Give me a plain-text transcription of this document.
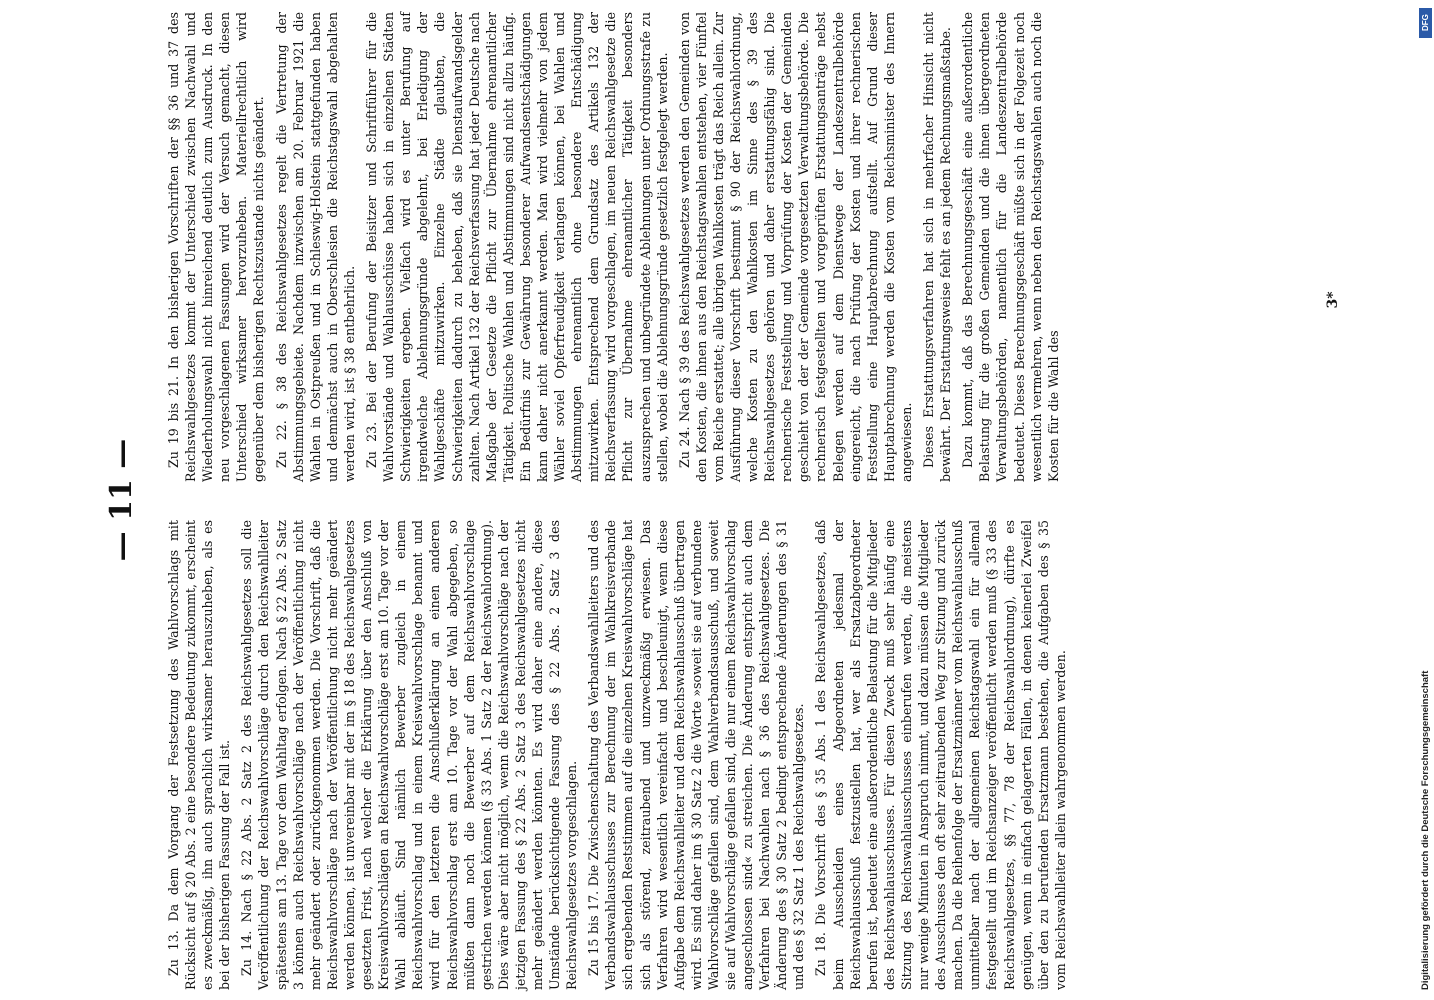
— 11 —

Zu 13. Da dem Vorgang der Festsetzung des Wahlvorschlags mit Rücksicht auf § 20 Abs. 2 eine besondere Bedeutung zukommt, erscheint es zweckmäßig, ihn auch sprachlich wirksamer herauszuheben, als es bei der bisherigen Fassung der Fall ist. Zu 14. Nach § 22 Abs. 2 Satz 2 des Reichswahlgesetzes soll die Veröffentlichung der Reichswahlvorschläge durch den Reichswahlleiter spätestens am 13. Tage vor dem Wahltag erfolgen. Nach § 22 Abs. 2 Satz 3 können auch Reichswahlvorschläge nach der Veröffentlichung nicht mehr geändert oder zurückgenommen werden. Die Vorschrift, daß die Reichswahlvorschläge nach der Veröffentlichung nicht mehr geändert werden können, ist unvereinbar mit der im § 18 des Reichswahlgesetzes gesetzten Frist, nach welcher die Erklärung über den Anschluß von Kreiswahlvorschlägen an Reichswahlvorschläge erst am 10. Tage vor der Wahl abläuft. Sind nämlich Bewerber zugleich in einem Reichswahlvorschlag und in einem Kreiswahlvorschlage benannt und wird für den letzteren die Anschlußerklärung an einen anderen Reichswahlvorschlag erst am 10. Tage vor der Wahl abgegeben, so müßten dann noch die Bewerber auf dem Reichswahlvorschlage gestrichen werden können (§ 33 Abs. 1 Satz 2 der Reichswahlordnung). Dies wäre aber nicht möglich, wenn die Reichswahlvorschläge nach der jetzigen Fassung des § 22 Abs. 2 Satz 3 des Reichswahlgesetzes nicht mehr geändert werden könnten. Es wird daher eine andere, diese Umstände berücksichtigende Fassung des § 22 Abs. 2 Satz 3 des Reichswahlgesetzes vorgeschlagen. Zu 15 bis 17. Die Zwischenschaltung des Verbandswahlleiters und des Verbandswahlausschusses zur Berechnung der im Wahlkreisverbande sich ergebenden Reststimmen auf die einzelnen Kreiswahlvorschläge hat sich als störend, zeitraubend und unzweckmäßig erwiesen. Das Verfahren wird wesentlich vereinfacht und beschleunigt, wenn diese Aufgabe dem Reichswahlleiter und dem Reichswahlausschuß übertragen wird. Es sind daher im § 30 Satz 2 die Worte »soweit sie auf verbundene Wahlvorschläge gefallen sind, dem Wahlverbandsausschuß, und soweit sie auf Wahlvorschläge gefallen sind, die nur einem Reichswahlvorschlag angeschlossen sind« zu streichen. Die Änderung entspricht auch dem Verfahren bei Nachwahlen nach § 36 des Reichswahlgesetzes. Die Änderung des § 30 Satz 2 bedingt entsprechende Änderungen des § 31 und des § 32 Satz 1 des Reichswahlgesetzes. Zu 18. Die Vorschrift des § 35 Abs. 1 des Reichswahlgesetzes, daß beim Ausscheiden eines Abgeordneten jedesmal der Reichswahlausschuß festzustellen hat, wer als Ersatzabgeordneter berufen ist, bedeutet eine außerordentliche Belastung für die Mitglieder des Reichswahlausschusses. Für diesen Zweck muß sehr häufig eine Sitzung des Reichswahlausschusses einberufen werden, die meistens nur wenige Minuten in Anspruch nimmt, und dazu müssen die Mitglieder des Ausschusses den oft sehr zeitraubenden Weg zur Sitzung und zurück machen. Da die Reihenfolge der Ersatzmänner vom Reichswahlausschuß unmittelbar nach der allgemeinen Reichstagswahl ein für allemal festgestellt und im Reichsanzeiger veröffentlicht werden muß (§ 33 des Reichswahlgesetzes, §§ 77, 78 der Reichswahlordnung), dürfte es genügen, wenn in einfach gelagerten Fällen, in denen keinerlei Zweifel über den zu berufenden Ersatzmann bestehen, die Aufgaben des § 35 vom Reichswahlleiter allein wahrgenommen werden.

Zu 19 bis 21. In den bisherigen Vorschriften der §§ 36 und 37 des Reichswahlgesetzes kommt der Unterschied zwischen Nachwahl und Wiederholungswahl nicht hinreichend deutlich zum Ausdruck. In den neu vorgeschlagenen Fassungen wird der Versuch gemacht, diesen Unterschied wirksamer hervorzuheben. Materiellrechtlich wird gegenüber dem bisherigen Rechtszustande nichts geändert. Zu 22. § 38 des Reichswahlgesetzes regelt die Vertretung der Abstimmungsgebiete. Nachdem inzwischen am 20. Februar 1921 die Wahlen in Ostpreußen und in Schleswig-Holstein stattgefunden haben und demnächst auch in Oberschlesien die Reichstagswahl abgehalten werden wird, ist § 38 entbehrlich. Zu 23. Bei der Berufung der Beisitzer und Schriftführer für die Wahlvorstände und Wahlausschüsse haben sich in einzelnen Städten Schwierigkeiten ergeben. Vielfach wird es unter Berufung auf irgendwelche Ablehnungsgründe abgelehnt, bei Erledigung der Wahlgeschäfte mitzuwirken. Einzelne Städte glaubten, die Schwierigkeiten dadurch zu beheben, daß sie Dienstaufwandsgelder zahlten. Nach Artikel 132 der Reichsverfassung hat jeder Deutsche nach Maßgabe der Gesetze die Pflicht zur Übernahme ehrenamtlicher Tätigkeit. Politische Wahlen und Abstimmungen sind nicht allzu häufig. Ein Bedürfnis zur Gewährung besonderer Aufwandsentschädigungen kann daher nicht anerkannt werden. Man wird vielmehr von jedem Wähler soviel Opferfreudigkeit verlangen können, bei Wahlen und Abstimmungen ehrenamtlich ohne besondere Entschädigung mitzuwirken. Entsprechend dem Grundsatz des Artikels 132 der Reichsverfassung wird vorgeschlagen, im neuen Reichswahlgesetze die Pflicht zur Übernahme ehrenamtlicher Tätigkeit besonders auszusprechen und unbegründete Ablehnungen unter Ordnungsstrafe zu stellen, wobei die Ablehnungsgründe gesetzlich festgelegt werden. Zu 24. Nach § 39 des Reichswahlgesetzes werden den Gemeinden von den Kosten, die ihnen aus den Reichstagswahlen entstehen, vier Fünftel vom Reiche erstattet; alle übrigen Wahlkosten trägt das Reich allein. Zur Ausführung dieser Vorschrift bestimmt § 90 der Reichswahlordnung, welche Kosten zu den Wahlkosten im Sinne des § 39 des Reichswahlgesetzes gehören und daher erstattungsfähig sind. Die rechnerische Feststellung und Vorprüfung der Kosten der Gemeinden geschieht von der der Gemeinde vorgesetzten Verwaltungsbehörde. Die rechnerisch festgestellten und vorgeprüften Erstattungsanträge nebst Belegen werden auf dem Dienstwege der Landeszentralbehörde eingereicht, die nach Prüfung der Kosten und ihrer rechnerischen Feststellung eine Hauptabrechnung aufstellt. Auf Grund dieser Hauptabrechnung werden die Kosten vom Reichsminister des Innern angewiesen. Dieses Erstattungsverfahren hat sich in mehrfacher Hinsicht nicht bewährt. Der Erstattungsweise fehlt es an jedem Rechnungsmaßstabe. Dazu kommt, daß das Berechnungsgeschäft eine außerordentliche Belastung für die großen Gemeinden und die ihnen übergeordneten Verwaltungsbehörden, namentlich für die Landeszentralbehörde bedeutet. Dieses Berechnungsgeschäft müßte sich in der Folgezeit noch wesentlich vermehren, wenn neben den Reichstagswahlen auch noch die Kosten für die Wahl des

3*
Digitalisierung gefördert durch die Deutsche Forschungsgemeinschaft
DFG
